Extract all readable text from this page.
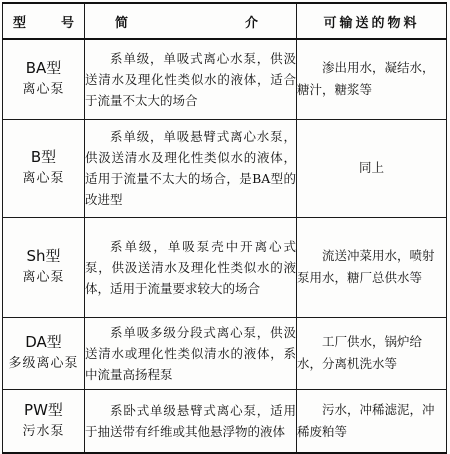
型 号	简 介	可输送的物料

BA型
离心泵	系单级，单吸式离心水泵，供汲送清水及理化性类似水的液体，适合于流量不太大的场合	渗出用水，凝结水，糖汁，糖浆等

B型
离心泵	系单级，单吸悬臂式离心水泵，供汲送清水及理化性类似水的液体，适用于流量不太大的场合，是BA型的改进型	同上

Sh型
离心泵	系单级，单吸泵壳中开离心式泵，供汲送清水及理化性类似水的液体，适用于流量要求较大的场合	流送冲菜用水，喷射泵用水，糖厂总供水等

DA型
多级离心泵	系单吸多级分段式离心泵，供汲送清水或理化性类似清水的液体，系中流量高扬程泵	工厂供水，锅炉给水，分离机洗水等

PW型
污水泵	系卧式单级悬臂式离心泵，适用于抽送带有纤维或其他悬浮物的液体	污水，冲稀滤泥，冲稀废粕等
